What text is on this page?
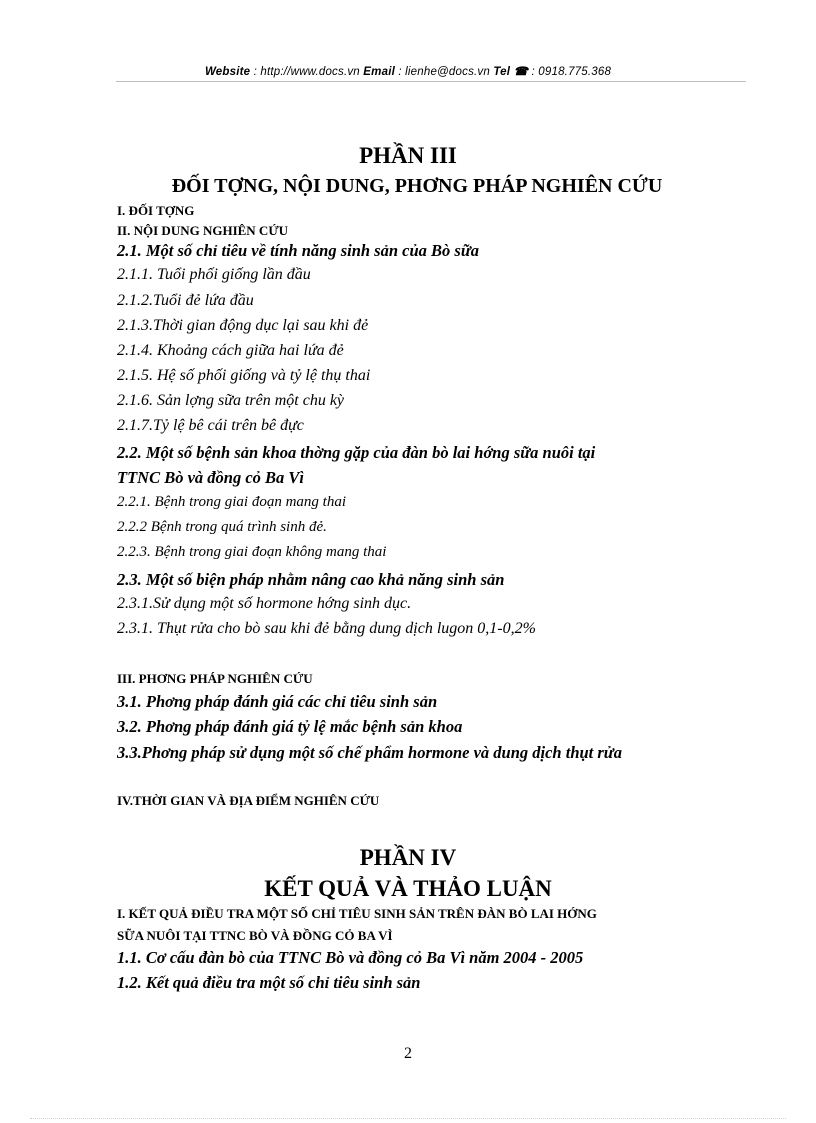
Website : http://www.docs.vn Email : lienhe@docs.vn Tel ☎ : 0918.775.368
PHẦN III
ĐỐI TỢNG, NỘI DUNG, PHƠNG PHÁP NGHIÊN CỨU
I. ĐỐI TỢNG
II. NỘI DUNG NGHIÊN CỨU
2.1. Một số chỉ tiêu về tính năng sinh sản của Bò sữa
2.1.1. Tuổi phối giống lần đầu
2.1.2.Tuổi đẻ lứa đầu
2.1.3.Thời gian động dục lại sau khi đẻ
2.1.4. Khoảng cách giữa hai lứa đẻ
2.1.5. Hệ số phối giống và tỷ lệ thụ thai
2.1.6. Sản lợng sữa trên một chu kỳ
2.1.7.Tỷ lệ bê cái trên bê đực
2.2. Một số bệnh sản khoa thờng gặp của đàn bò lai hớng sữa nuôi tại
TTNC Bò và đồng cỏ Ba Vì
2.2.1. Bệnh trong giai đoạn mang thai
2.2.2 Bệnh trong quá trình sinh đẻ.
2.2.3. Bệnh trong giai đoạn không mang thai
2.3. Một số biện pháp nhằm nâng cao khả năng sinh sản
2.3.1.Sử dụng một số hormone hớng sinh dục.
2.3.1. Thụt rửa cho bò sau khi đẻ bằng dung dịch lugon 0,1-0,2%
III. PHƠNG PHÁP NGHIÊN CỨU
3.1. Phơng pháp đánh giá các chỉ tiêu sinh sản
3.2. Phơng pháp đánh giá tỷ lệ mắc bệnh sản khoa
3.3.Phơng pháp sử dụng một số chế phẩm hormone và dung dịch thụt rửa
IV.THỜI GIAN VÀ ĐỊA ĐIỂM NGHIÊN CỨU
PHẦN IV
KẾT QUẢ VÀ THẢO LUẬN
I. KẾT QUẢ ĐIỀU TRA MỘT SỐ CHỈ TIÊU SINH SẢN TRÊN ĐÀN BÒ LAI HỚNG
SỮA NUÔI TẠI TTNC BÒ VÀ ĐỒNG CỎ BA VÌ
1.1. Cơ cấu đàn bò của TTNC Bò và đồng cỏ Ba Vì năm 2004 - 2005
1.2. Kết quả điều tra một số chỉ tiêu sinh sản
2
